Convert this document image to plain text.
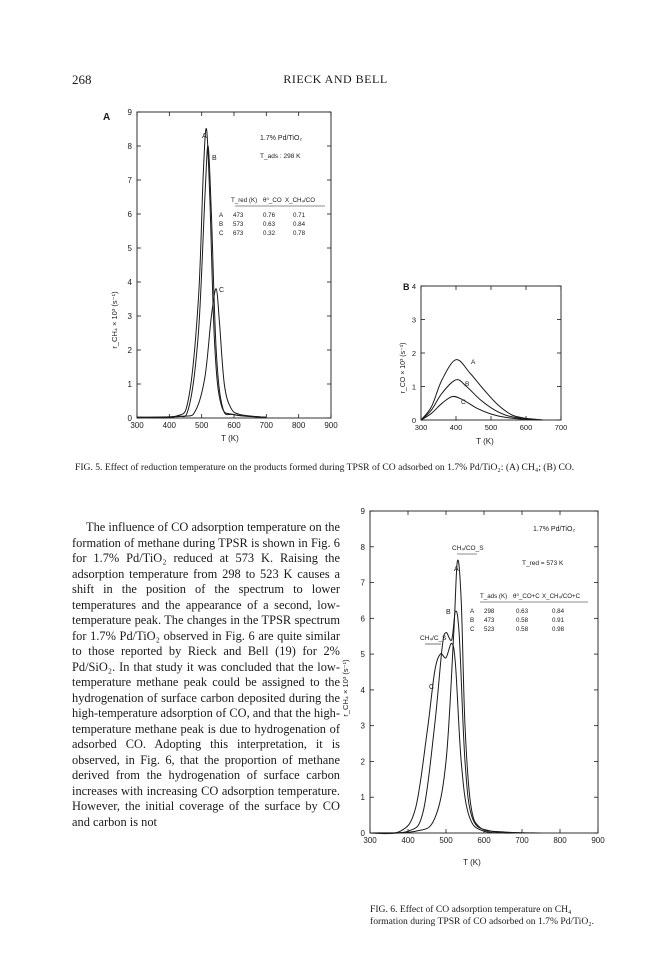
RIECK AND BELL
268
A
300 400 500 600 700 800 900
0
1
2
3
4
5
6
7
8
9
1.7% Pd/TiO₂
T_ads : 298 K
T_red (K) θ⁰_CO X_CH₄/CO
A 473	0.76	0.71
B 573	0.63	0.84
C 673	0.32	0.78
A
B
C
T (K)
r_CH₄ × 10³ (s⁻¹)
B
300	400	500	600	700
0
1
2
3
4
A
B
C
T (K)
r_CO × 10³ (s⁻¹)
FIG. 5. Effect of reduction temperature on the products formed during TPSR of CO adsorbed on 1.7% Pd/TiO₂: (A) CH₄; (B) CO.

The influence of CO adsorption temperature on the formation of methane during TPSR is shown in Fig. 6 for 1.7% Pd/TiO₂ reduced at 573 K. Raising the adsorption temperature from 298 to 523 K causes a shift in the position of the spectrum to lower temperatures and the appearance of a second, low-temperature peak. The changes in the TPSR spectrum for 1.7% Pd/TiO₂ observed in Fig. 6 are quite similar to those reported by Rieck and Bell (19) for 2% Pd/SiO₂. In that study it was concluded that the low-temperature methane peak could be assigned to the hydrogenation of surface carbon deposited during the high-temperature adsorption of CO, and that the high-temperature methane peak is due to hydrogenation of adsorbed CO. Adopting this interpretation, it is observed, in Fig. 6, that the proportion of methane derived from the hydrogenation of surface carbon increases with increasing CO adsorption temperature. However, the initial coverage of the surface by CO and carbon is not

300	400	500	600	700	800	900
0
1
2
3
4
5
6
7
8
9
1.7% Pd/TiO₂
T_red = 573 K
CH₄/CO_S
CH₄/C_S
T_ads (K) θ⁰_CO+C X_CH₄/CO+C
A 298	0.63	0.84
B 473	0.58	0.91
C 523	0.58	0.98
A
B
C
T (K)
r_CH₄ × 10³ (s⁻¹)
FIG. 6. Effect of CO adsorption temperature on CH₄ formation during TPSR of CO adsorbed on 1.7% Pd/TiO₂.
